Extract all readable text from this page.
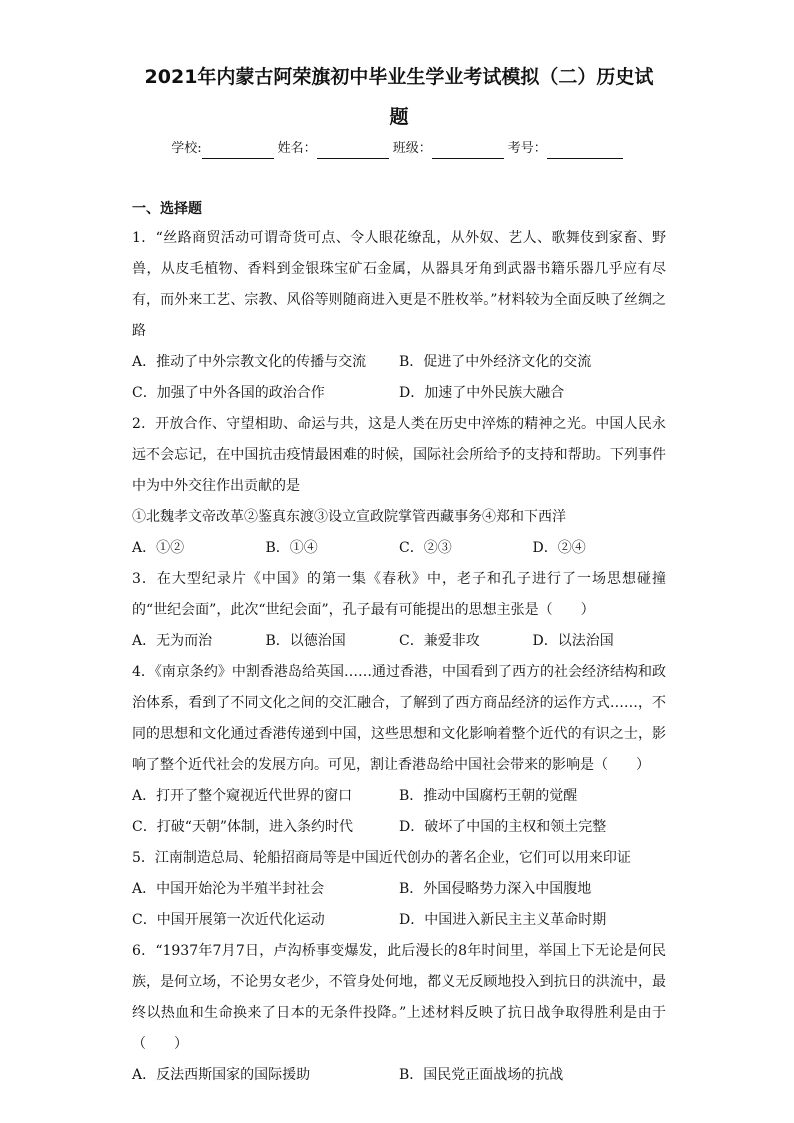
2021年内蒙古阿荣旗初中毕业生学业考试模拟（二）历史试
题
学校:	姓名：	班级：	考号：
一、选择题

1．“丝路商贸活动可谓奇货可点、令人眼花缭乱，从外奴、艺人、歌舞伎到家畜、野兽，从皮毛植物、香料到金银珠宝矿石金属，从器具牙角到武器书籍乐器几乎应有尽有，而外来工艺、宗教、风俗等则随商进入更是不胜枚举。”材料较为全面反映了丝绸之路

A．推动了中外宗教文化的传播与交流	B．促进了中外经济文化的交流
C．加强了中外各国的政治合作	D．加速了中外民族大融合

2．开放合作、守望相助、命运与共，这是人类在历史中淬炼的精神之光。中国人民永远不会忘记，在中国抗击疫情最困难的时候，国际社会所给予的支持和帮助。下列事件中为中外交往作出贡献的是

①北魏孝文帝改革②鉴真东渡③设立宣政院掌管西藏事务④郑和下西洋

A．①②	B．①④	C．②③	D．②④

3．在大型纪录片《中国》的第一集《春秋》中，老子和孔子进行了一场思想碰撞的“世纪会面”，此次“世纪会面”，孔子最有可能提出的思想主张是（　　）

A．无为而治	B．以德治国	C．兼爱非攻	D．以法治国

4．《南京条约》中割香港岛给英国……通过香港，中国看到了西方的社会经济结构和政治体系，看到了不同文化之间的交汇融合，了解到了西方商品经济的运作方式……，不同的思想和文化通过香港传递到中国，这些思想和文化影响着整个近代的有识之士，影响了整个近代社会的发展方向。可见，割让香港岛给中国社会带来的影响是（　　）

A．打开了整个窥视近代世界的窗口	B．推动中国腐朽王朝的觉醒
C．打破“天朝”体制，进入条约时代	D．破坏了中国的主权和领土完整

5．江南制造总局、轮船招商局等是中国近代创办的著名企业，它们可以用来印证

A．中国开始沦为半殖半封社会	B．外国侵略势力深入中国腹地
C．中国开展第一次近代化运动	D．中国进入新民主主义革命时期

6．“1937年7月7日，卢沟桥事变爆发，此后漫长的8年时间里，举国上下无论是何民族，是何立场，不论男女老少，不管身处何地，都义无反顾地投入到抗日的洪流中，最终以热血和生命换来了日本的无条件投降。”上述材料反映了抗日战争取得胜利是由于（　　）

A．反法西斯国家的国际援助	B．国民党正面战场的抗战
